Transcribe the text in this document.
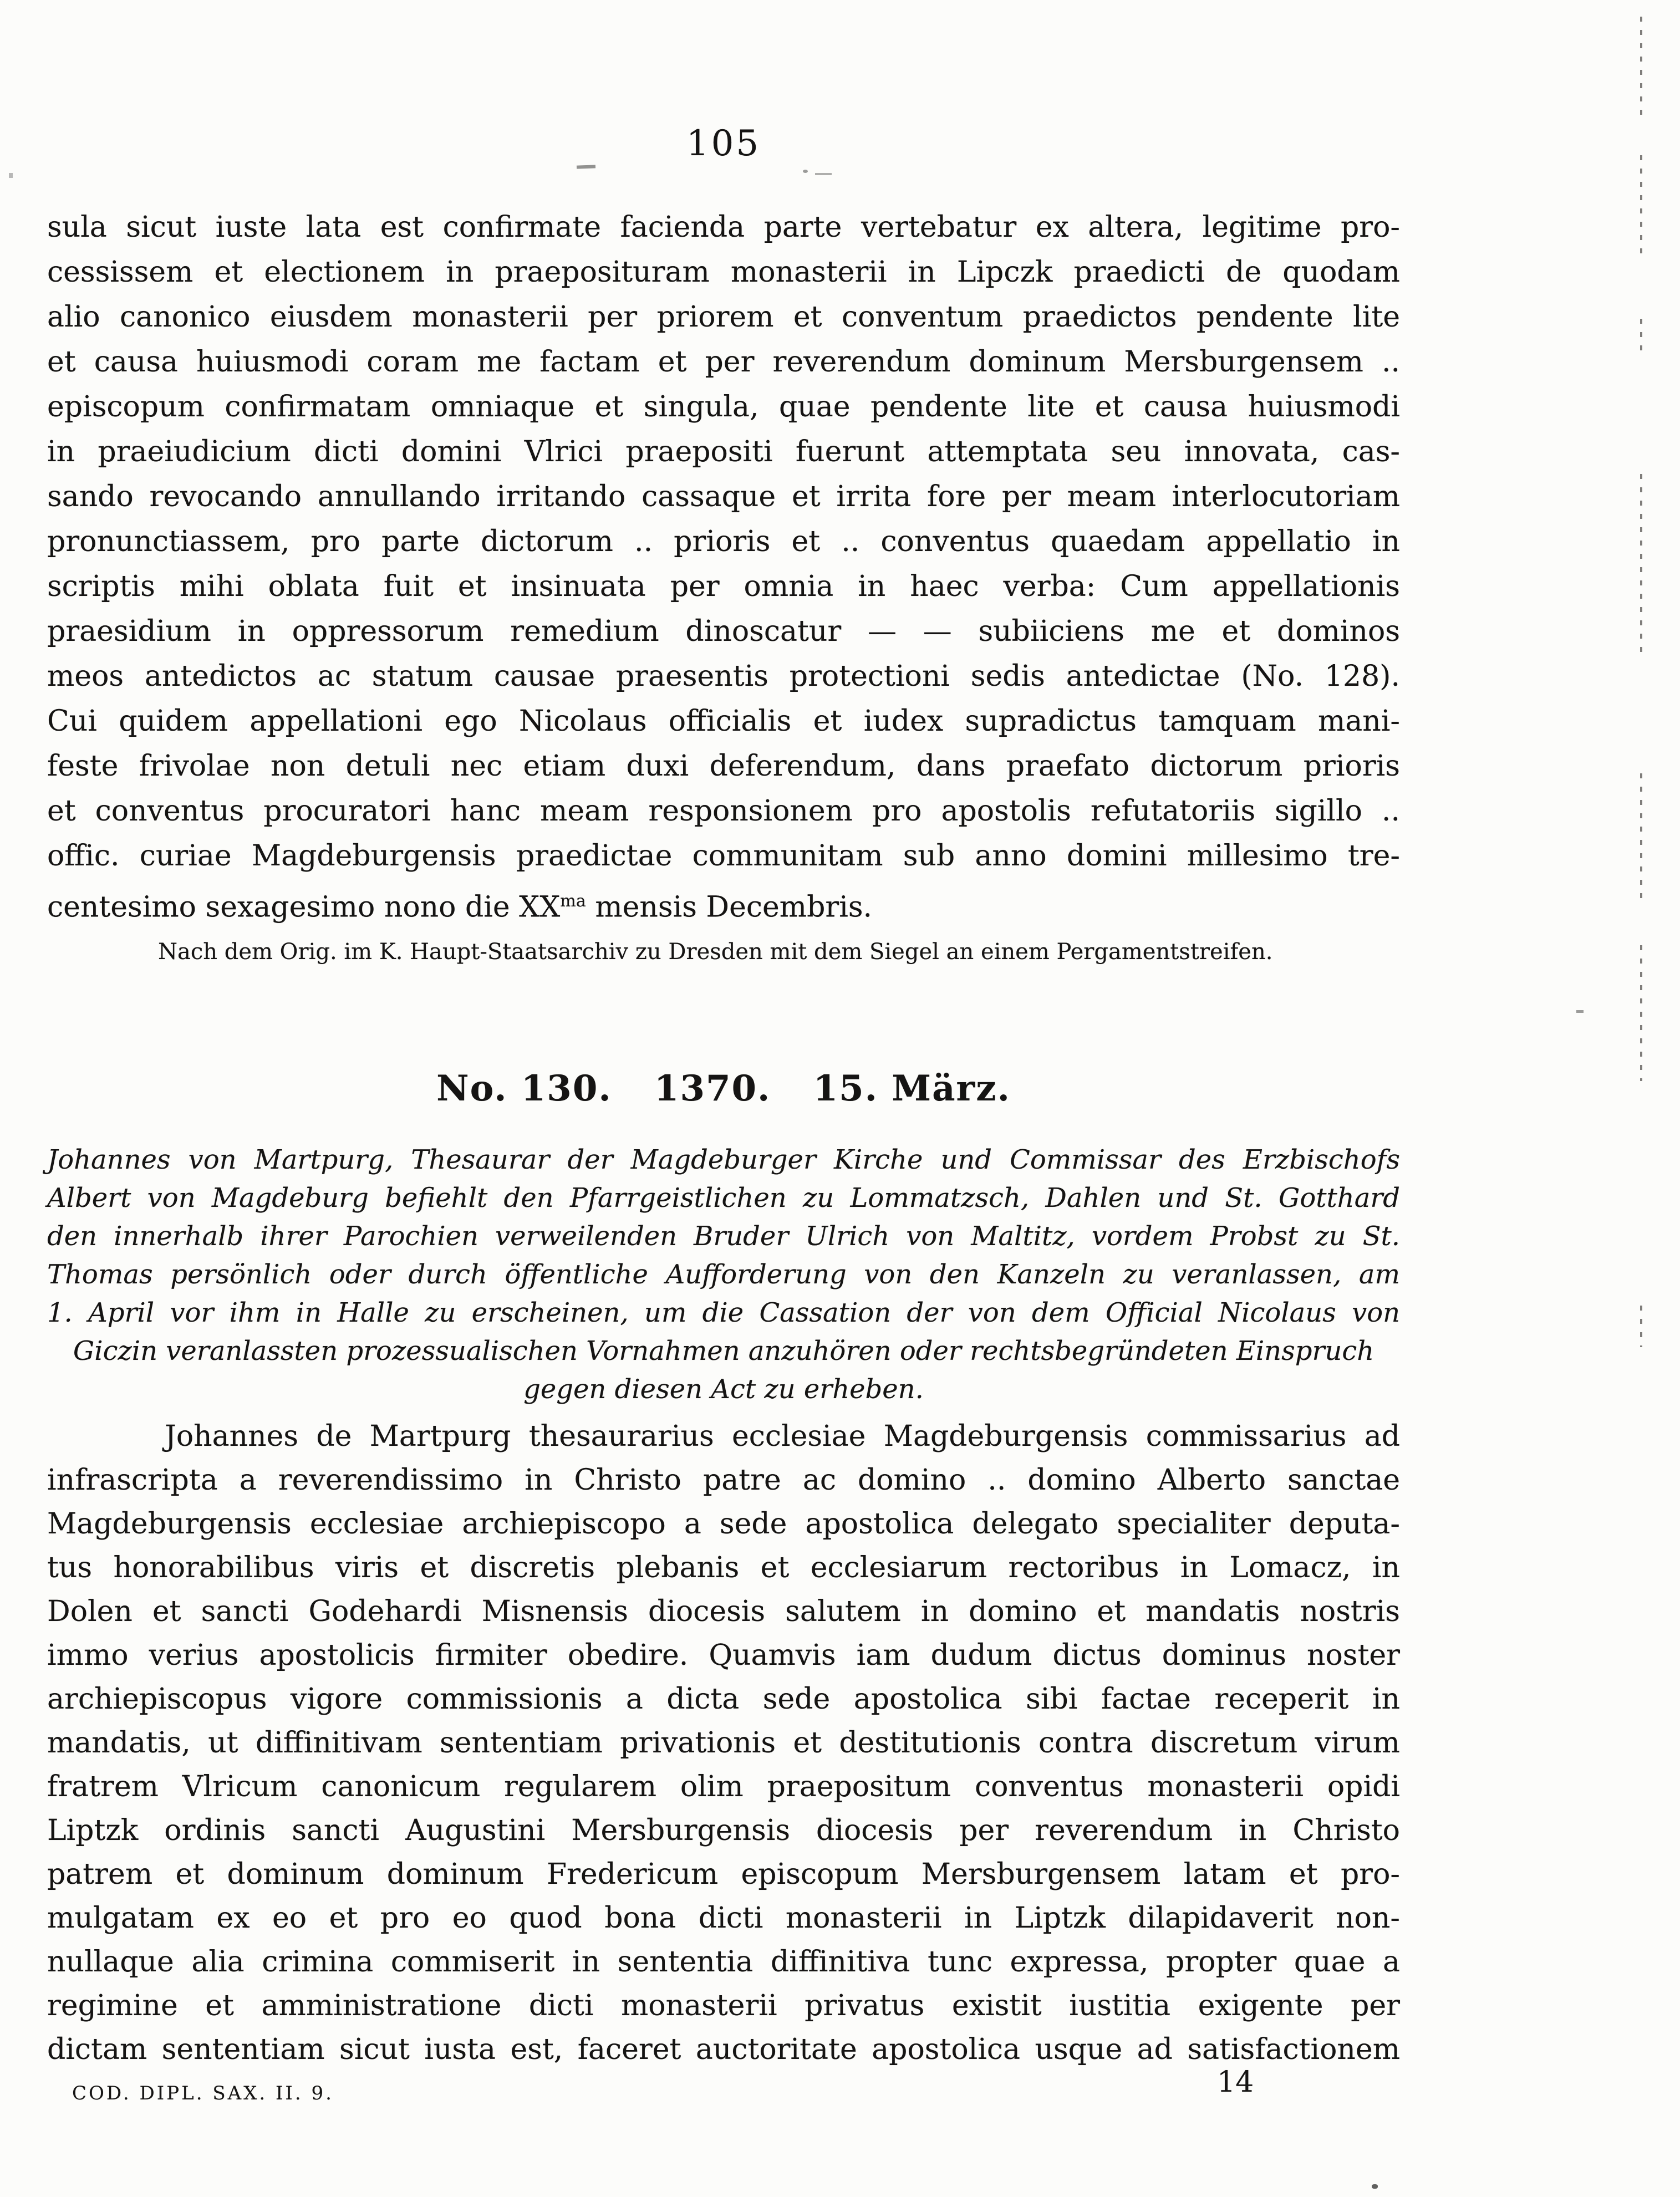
105
sula sicut iuste lata est confirmate facienda parte vertebatur ex altera, legitime pro-
cessissem et electionem in praeposituram monasterii in Lipczk praedicti de quodam
alio canonico eiusdem monasterii per priorem et conventum praedictos pendente lite
et causa huiusmodi coram me factam et per reverendum dominum Mersburgensem ..
episcopum confirmatam omniaque et singula, quae pendente lite et causa huiusmodi
in praeiudicium dicti domini Vlrici praepositi fuerunt attemptata seu innovata, cas-
sando revocando annullando irritando cassaque et irrita fore per meam interlocutoriam
pronunctiassem, pro parte dictorum .. prioris et .. conventus quaedam appellatio in
scriptis mihi oblata fuit et insinuata per omnia in haec verba: Cum appellationis
praesidium in oppressorum remedium dinoscatur — — subiiciens me et dominos
meos antedictos ac statum causae praesentis protectioni sedis antedictae (No. 128).
Cui quidem appellationi ego Nicolaus officialis et iudex supradictus tamquam mani-
feste frivolae non detuli nec etiam duxi deferendum, dans praefato dictorum prioris
et conventus procuratori hanc meam responsionem pro apostolis refutatoriis sigillo ..
offic. curiae Magdeburgensis praedictae communitam sub anno domini millesimo tre-
centesimo sexagesimo nono die $XX^{ma}$ mensis Decembris.
Nach dem Orig. im K. Haupt-Staatsarchiv zu Dresden mit dem Siegel an einem Pergamentstreifen.
No. 130. 1370. 15. März.
Johannes von Martpurg, Thesaurar der Magdeburger Kirche und Commissar des Erzbischofs
Albert von Magdeburg befiehlt den Pfarrgeistlichen zu Lommatzsch, Dahlen und St. Gotthard
den innerhalb ihrer Parochien verweilenden Bruder Ulrich von Maltitz, vordem Probst zu St.
Thomas persönlich oder durch öffentliche Aufforderung von den Kanzeln zu veranlassen, am
1. April vor ihm in Halle zu erscheinen, um die Cassation der von dem Official Nicolaus von
Giczin veranlassten prozessualischen Vornahmen anzuhören oder rechtsbegründeten Einspruch
gegen diesen Act zu erheben.
Johannes de Martpurg thesaurarius ecclesiae Magdeburgensis commissarius ad
infrascripta a reverendissimo in Christo patre ac domino .. domino Alberto sanctae
Magdeburgensis ecclesiae archiepiscopo a sede apostolica delegato specialiter deputa-
tus honorabilibus viris et discretis plebanis et ecclesiarum rectoribus in Lomacz, in
Dolen et sancti Godehardi Misnensis diocesis salutem in domino et mandatis nostris
immo verius apostolicis firmiter obedire. Quamvis iam dudum dictus dominus noster
archiepiscopus vigore commissionis a dicta sede apostolica sibi factae receperit in
mandatis, ut diffinitivam sententiam privationis et destitutionis contra discretum virum
fratrem Vlricum canonicum regularem olim praepositum conventus monasterii opidi
Liptzk ordinis sancti Augustini Mersburgensis diocesis per reverendum in Christo
patrem et dominum dominum Fredericum episcopum Mersburgensem latam et pro-
mulgatam ex eo et pro eo quod bona dicti monasterii in Liptzk dilapidaverit non-
nullaque alia crimina commiserit in sententia diffinitiva tunc expressa, propter quae a
regimine et amministratione dicti monasterii privatus existit iustitia exigente per
dictam sententiam sicut iusta est, faceret auctoritate apostolica usque ad satisfactionem
COD. DIPL. SAX. II. 9.	14
